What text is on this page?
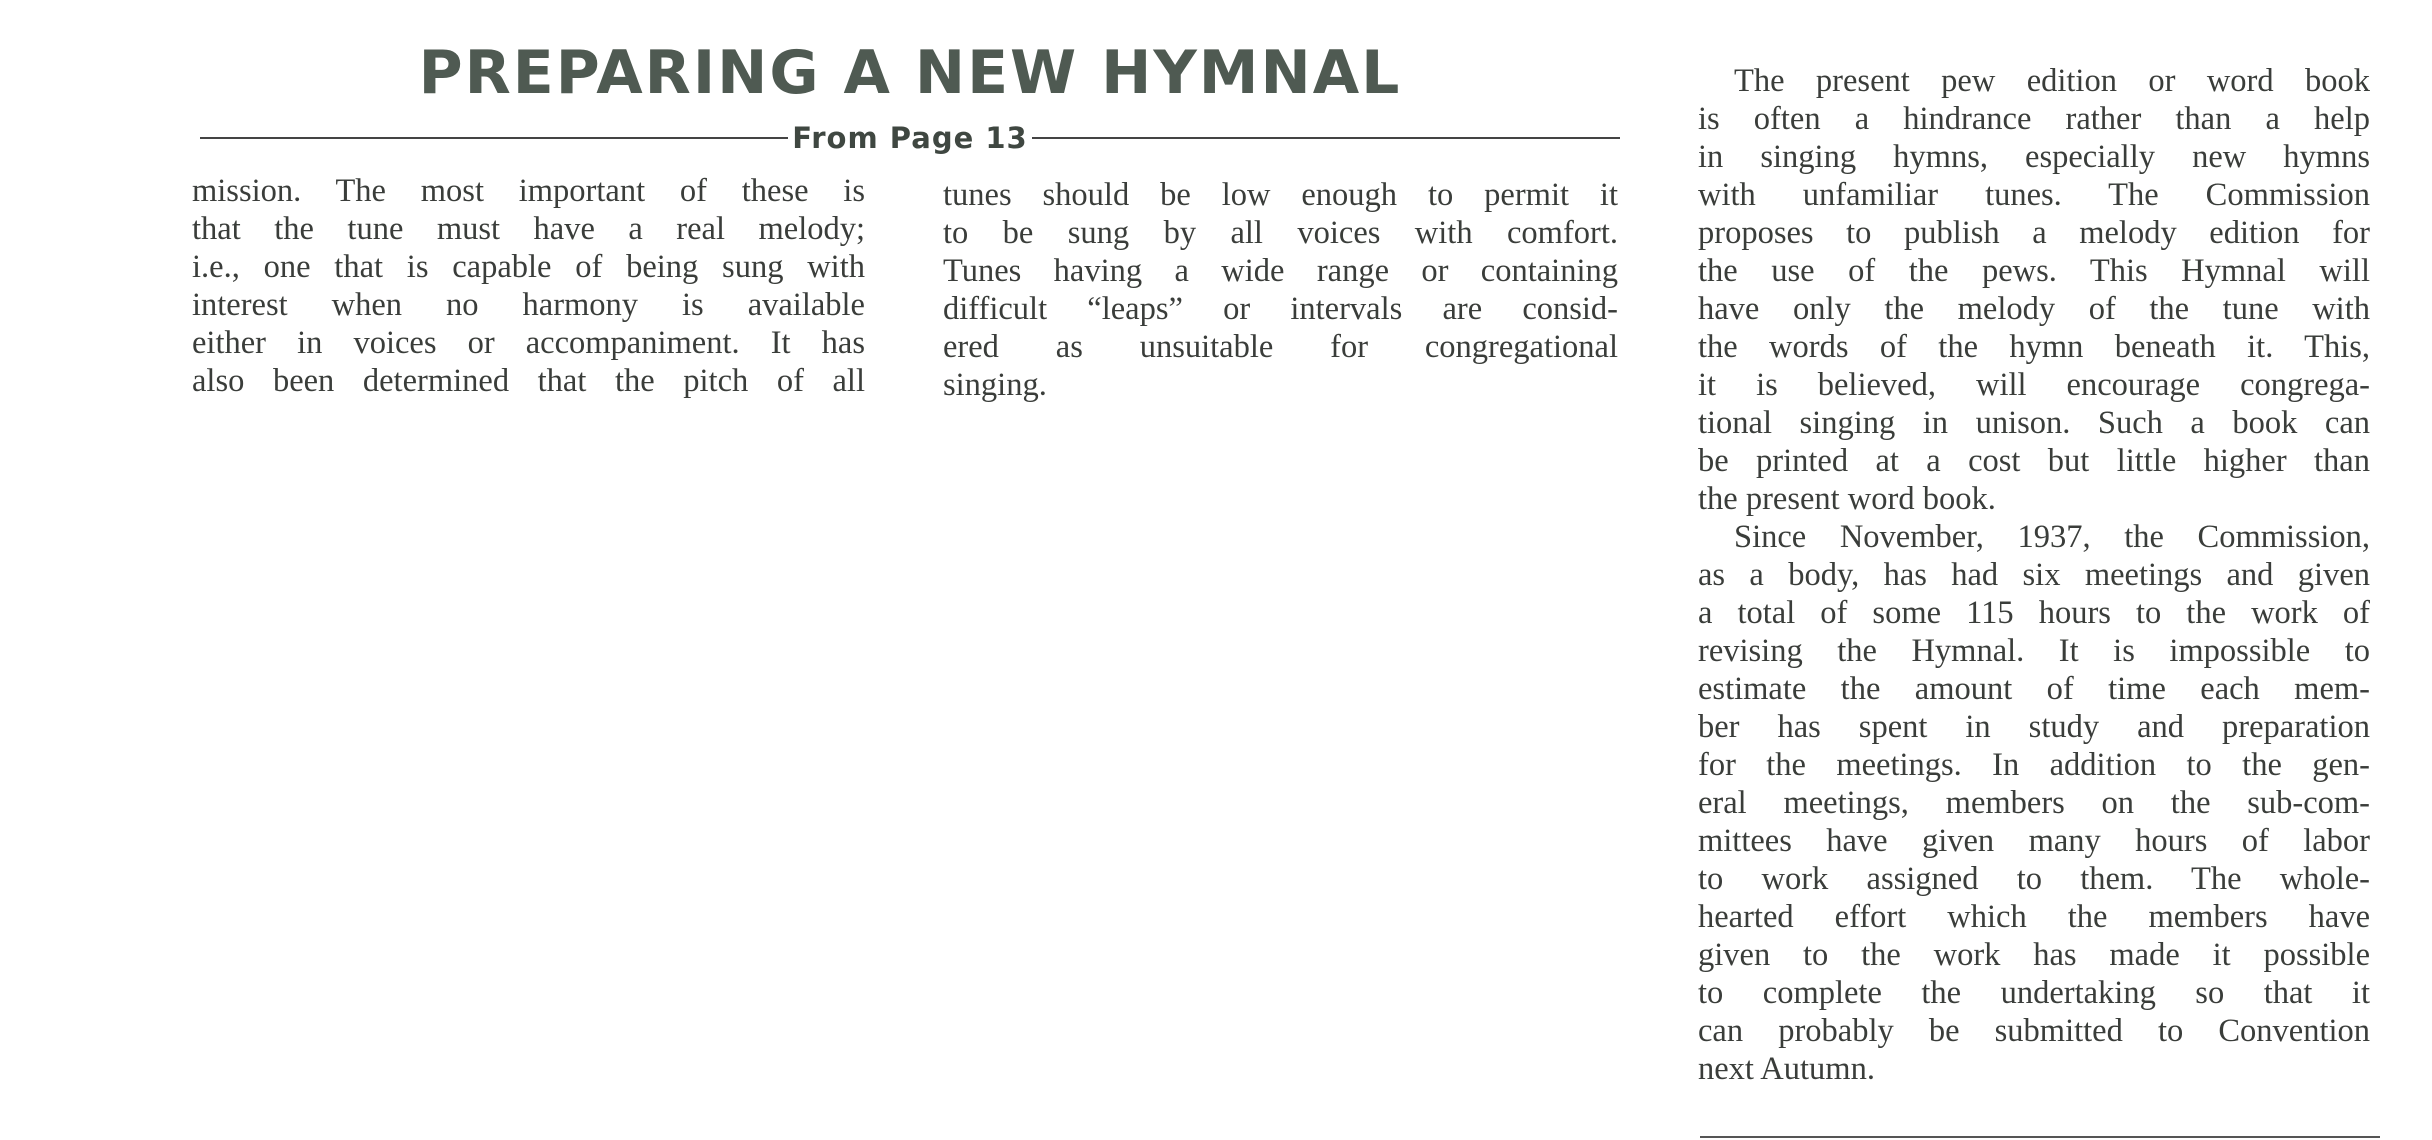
PREPARING A NEW HYMNAL
From Page 13
mission. The most important of these is
that the tune must have a real melody;
i.e., one that is capable of being sung with
interest when no harmony is available
either in voices or accompaniment. It has
also been determined that the pitch of all
tunes should be low enough to permit it
to be sung by all voices with comfort.
Tunes having a wide range or containing
difficult “leaps” or intervals are consid-
ered as unsuitable for congregational
singing.
The present pew edition or word book
is often a hindrance rather than a help
in singing hymns, especially new hymns
with unfamiliar tunes. The Commission
proposes to publish a melody edition for
the use of the pews. This Hymnal will
have only the melody of the tune with
the words of the hymn beneath it. This,
it is believed, will encourage congrega-
tional singing in unison. Such a book can
be printed at a cost but little higher than
the present word book.
Since November, 1937, the Commission,
as a body, has had six meetings and given
a total of some 115 hours to the work of
revising the Hymnal. It is impossible to
estimate the amount of time each mem-
ber has spent in study and preparation
for the meetings. In addition to the gen-
eral meetings, members on the sub-com-
mittees have given many hours of labor
to work assigned to them. The whole-
hearted effort which the members have
given to the work has made it possible
to complete the undertaking so that it
can probably be submitted to Convention
next Autumn.
